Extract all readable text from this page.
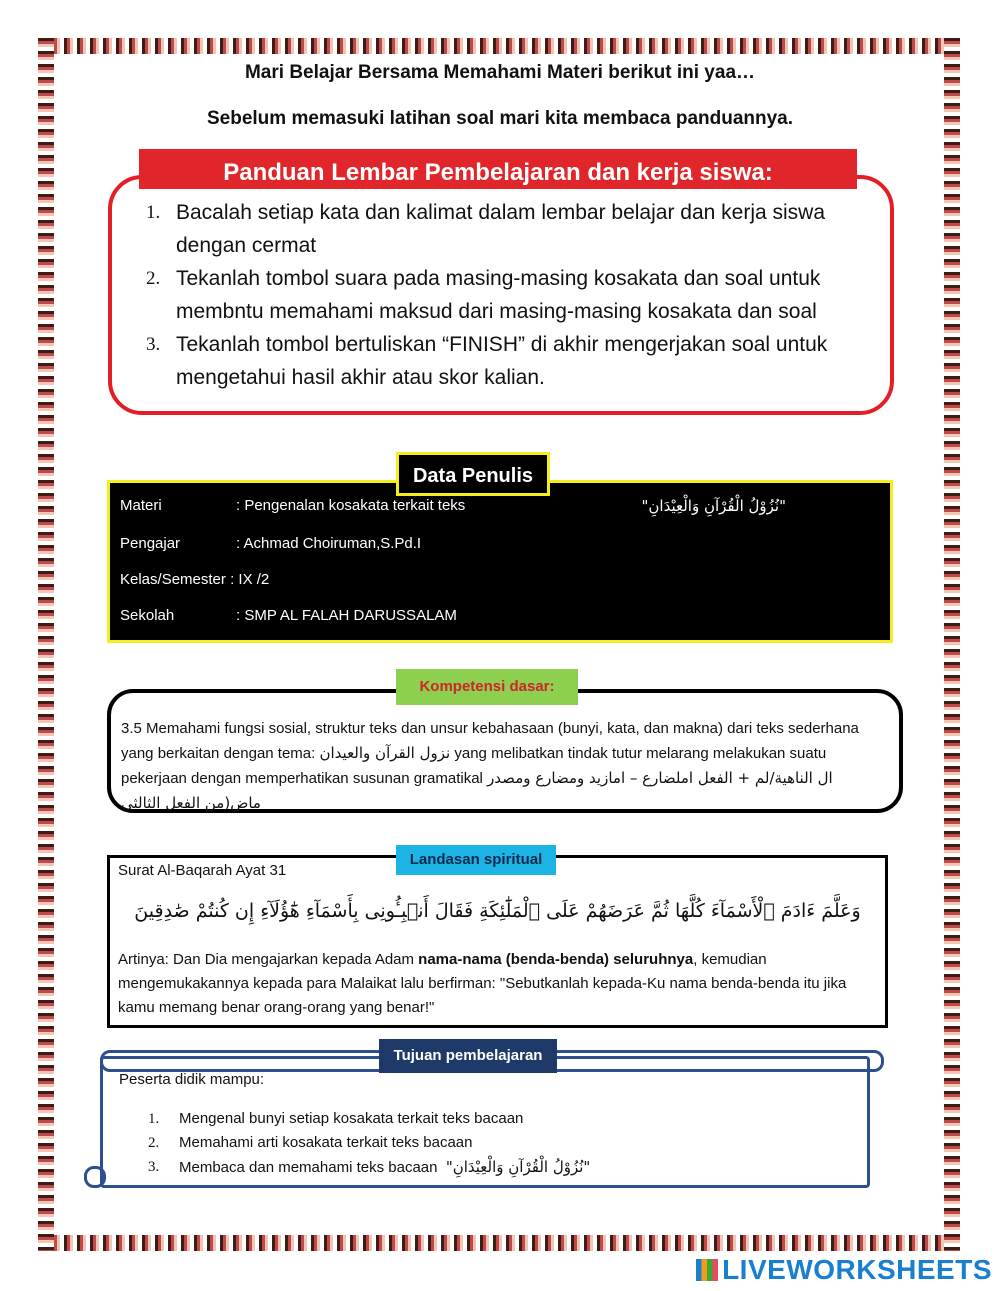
Mari Belajar Bersama Memahami Materi berikut ini yaa…
Sebelum memasuki latihan soal mari kita membaca panduannya.
Panduan Lembar Pembelajaran dan kerja siswa:
1. Bacalah setiap kata dan kalimat dalam lembar belajar dan kerja siswa dengan cermat
2. Tekanlah tombol suara pada masing-masing kosakata dan soal untuk membntu memahami maksud dari masing-masing kosakata dan soal
3. Tekanlah tombol bertuliskan “FINISH” di akhir mengerjakan soal untuk mengetahui hasil akhir atau skor kalian.
Materi	: Pengenalan kosakata terkait teks	"نُزُوْلُ الْقُرْآنِ وَالْعِيْدَانِ"
Pengajar	: Achmad Choiruman,S.Pd.I
Kelas/Semester : IX /2
Sekolah	: SMP AL FALAH DARUSSALAM
Data Penulis
3.5 Memahami fungsi sosial, struktur teks dan unsur kebahasaan (bunyi, kata, dan makna) dari teks sederhana yang berkaitan dengan tema: نزول القرآن والعيدان yang melibatkan tindak tutur melarang melakukan suatu pekerjaan dengan memperhatikan susunan gramatikal ال الناهية/لم + الفعل املضارع – امازيد ومضارع ومصدر ماض(من الفعل الثالثي
Kompetensi dasar:
Surat Al-Baqarah Ayat 31
وَعَلَّمَ ءَادَمَ ٱلْأَسْمَآءَ كُلَّهَا ثُمَّ عَرَضَهُمْ عَلَى ٱلْمَلَٰٓئِكَةِ فَقَالَ أَنۢبِـُٔونِى بِأَسْمَآءِ هَٰٓؤُلَآءِ إِن كُنتُمْ صَٰدِقِينَ
Artinya: Dan Dia mengajarkan kepada Adam nama-nama (benda-benda) seluruhnya, kemudian mengemukakannya kepada para Malaikat lalu berfirman: "Sebutkanlah kepada-Ku nama benda-benda itu jika kamu memang benar orang-orang yang benar!"
Landasan spiritual
Peserta didik mampu:
1. Mengenal bunyi setiap kosakata terkait teks bacaan
2. Memahami arti kosakata terkait teks bacaan
3. Membaca dan memahami teks bacaan "نُزُوْلُ الْقُرْآنِ وَالْعِيْدَانِ"
Tujuan pembelajaran
LIVEWORKSHEETS
